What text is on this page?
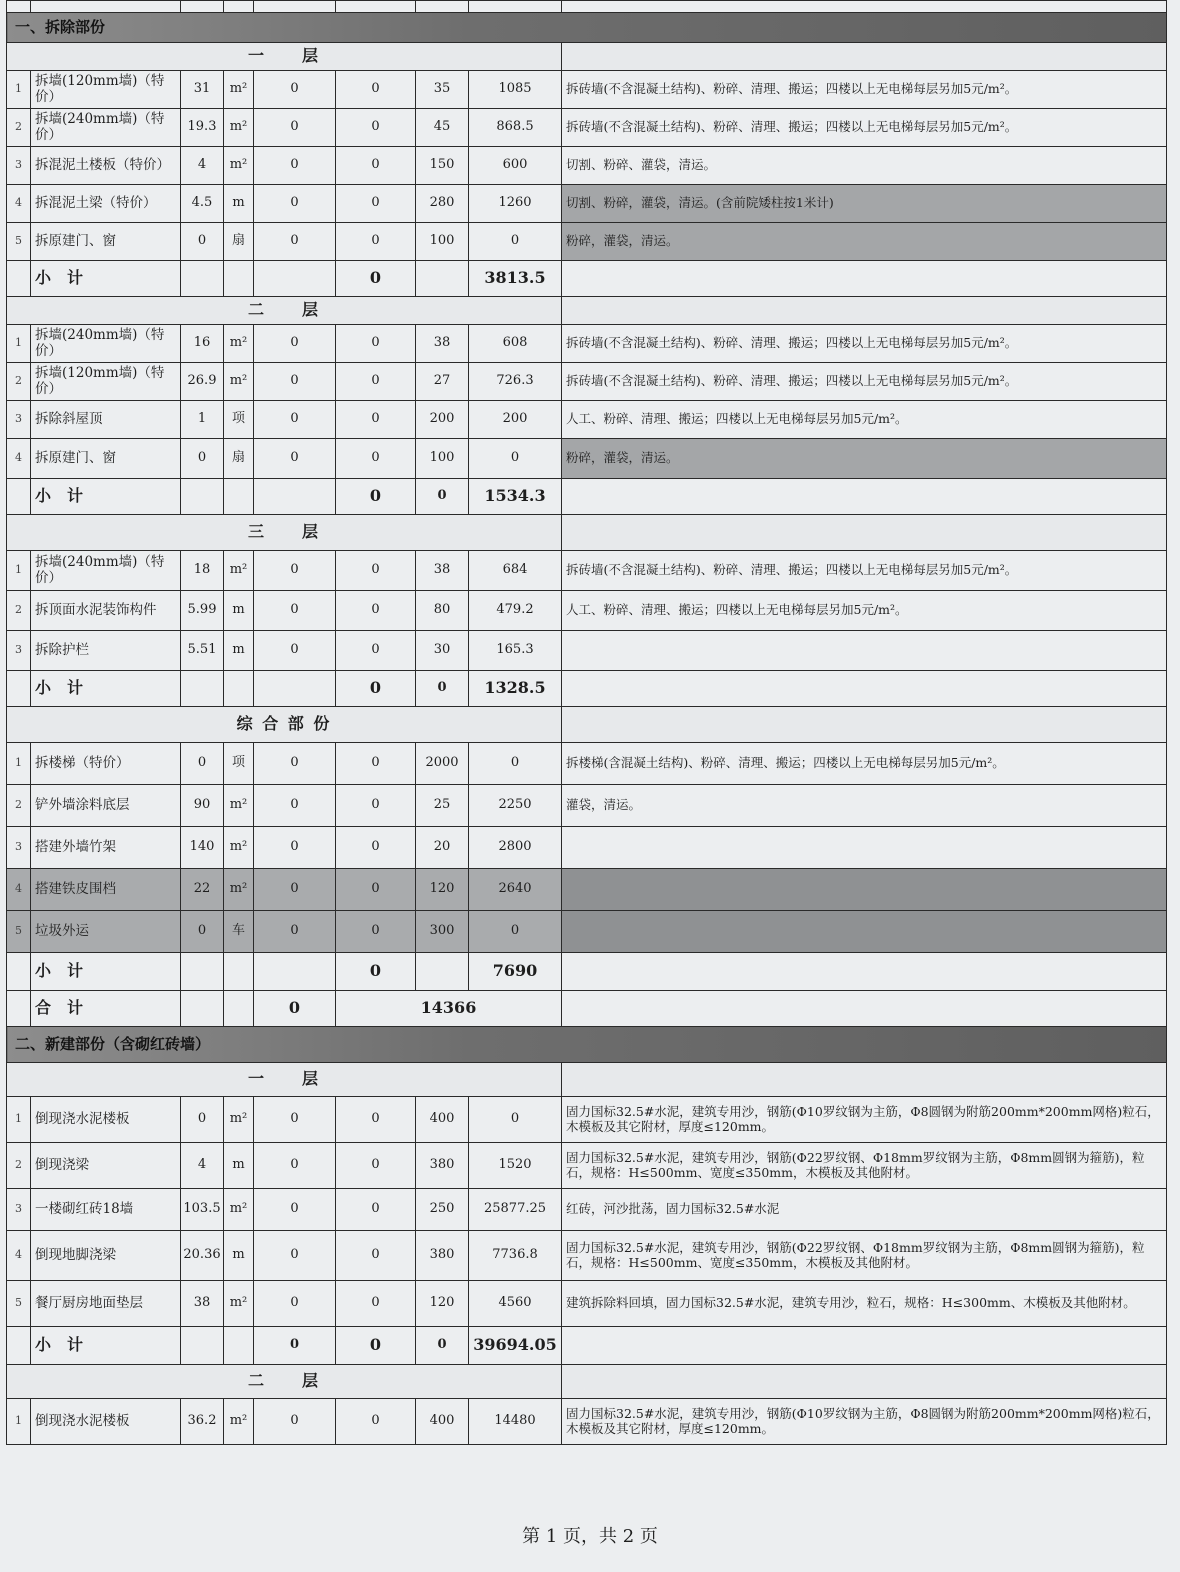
一、拆除部份								
一　　层								
1	拆墙(120mm墙)（特价）	31	m²	0	0	35	1085	拆砖墙(不含混凝土结构)、粉碎、清理、搬运；四楼以上无电梯每层另加5元/m²。
2	拆墙(240mm墙)（特价）	19.3	m²	0	0	45	868.5	拆砖墙(不含混凝土结构)、粉碎、清理、搬运；四楼以上无电梯每层另加5元/m²。
3	拆混泥土楼板（特价）	4	m²	0	0	150	600	切割、粉碎、灌袋，清运。
4	拆混泥土梁（特价）	4.5	m	0	0	280	1260	切割、粉碎，灌袋，清运。(含前院矮柱按1米计)
5	拆原建门、窗	0	扇	0	0	100	0	粉碎，灌袋，清运。
	小　计				0		3813.5	
二　　层								
1	拆墙(240mm墙)（特价）	16	m²	0	0	38	608	拆砖墙(不含混凝土结构)、粉碎、清理、搬运；四楼以上无电梯每层另加5元/m²。
2	拆墙(120mm墙)（特价）	26.9	m²	0	0	27	726.3	拆砖墙(不含混凝土结构)、粉碎、清理、搬运；四楼以上无电梯每层另加5元/m²。
3	拆除斜屋顶	1	项	0	0	200	200	人工、粉碎、清理、搬运；四楼以上无电梯每层另加5元/m²。
4	拆原建门、窗	0	扇	0	0	100	0	粉碎，灌袋，清运。
	小　计				0	0	1534.3	
三　　层								
1	拆墙(240mm墙)（特价）	18	m²	0	0	38	684	拆砖墙(不含混凝土结构)、粉碎、清理、搬运；四楼以上无电梯每层另加5元/m²。
2	拆顶面水泥装饰构件	5.99	m	0	0	80	479.2	人工、粉碎、清理、搬运；四楼以上无电梯每层另加5元/m²。
3	拆除护栏	5.51	m	0	0	30	165.3	
	小　计				0	0	1328.5	
综 合 部 份								
1	拆楼梯（特价）	0	项	0	0	2000	0	拆楼梯(含混凝土结构)、粉碎、清理、搬运；四楼以上无电梯每层另加5元/m²。
2	铲外墙涂料底层	90	m²	0	0	25	2250	灌袋，清运。
3	搭建外墙竹架	140	m²	0	0	20	2800	
4	搭建铁皮围档	22	m²	0	0	120	2640	
5	垃圾外运	0	车	0	0	300	0	
	小　计				0		7690	
	合　计			0	14366			
二、新建部份（含砌红砖墙）								
一　　层								
1	倒现浇水泥楼板	0	m²	0	0	400	0	固力国标32.5#水泥，建筑专用沙，钢筋(Φ10罗纹钢为主筋，Φ8圆钢为附筋200mm*200mm网格)粒石，木模板及其它附材，厚度≤120mm。
2	倒现浇梁	4	m	0	0	380	1520	固力国标32.5#水泥，建筑专用沙，钢筋(Φ22罗纹钢、Φ18mm罗纹钢为主筋，Φ8mm圆钢为箍筋)，粒石，规格：H≤500mm、宽度≤350mm，木模板及其他附材。
3	一楼砌红砖18墙	103.5	m²	0	0	250	25877.25	红砖，河沙批荡，固力国标32.5#水泥
4	倒现地脚浇梁	20.36	m	0	0	380	7736.8	固力国标32.5#水泥，建筑专用沙，钢筋(Φ22罗纹钢、Φ18mm罗纹钢为主筋，Φ8mm圆钢为箍筋)，粒石，规格：H≤500mm、宽度≤350mm，木模板及其他附材。
5	餐厅厨房地面垫层	38	m²	0	0	120	4560	建筑拆除料回填，固力国标32.5#水泥，建筑专用沙，粒石，规格：H≤300mm、木模板及其他附材。
	小　计			0	0	0	39694.05	
二　　层								
1	倒现浇水泥楼板	36.2	m²	0	0	400	14480	固力国标32.5#水泥，建筑专用沙，钢筋(Φ10罗纹钢为主筋，Φ8圆钢为附筋200mm*200mm网格)粒石，木模板及其它附材，厚度≤120mm。
第 1 页，共 2 页
